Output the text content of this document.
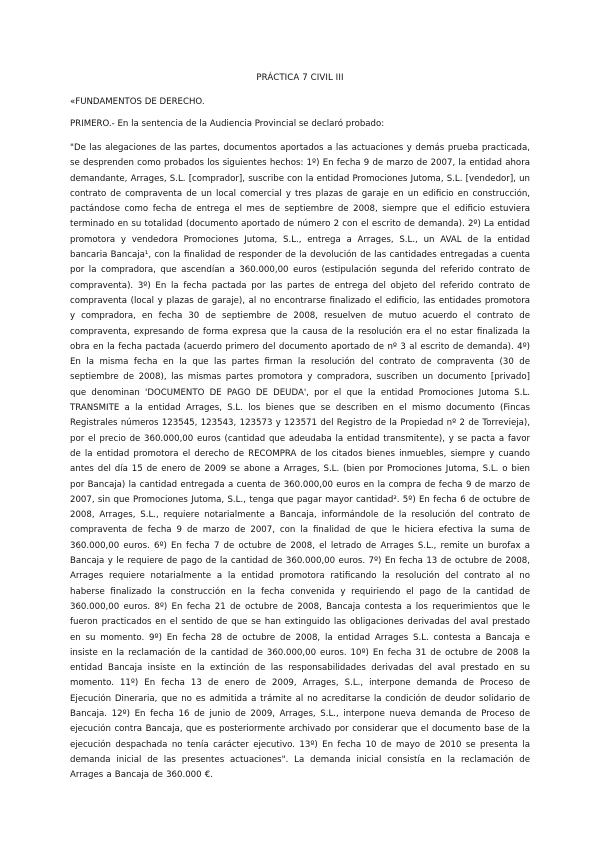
PRÁCTICA 7 CIVIL III

«FUNDAMENTOS DE DERECHO.

PRIMERO.- En la sentencia de la Audiencia Provincial se declaró probado:

"De las alegaciones de las partes, documentos aportados a las actuaciones y demás prueba practicada, se desprenden como probados los siguientes hechos: 1º) En fecha 9 de marzo de 2007, la entidad ahora demandante, Arrages, S.L. [comprador], suscribe con la entidad Promociones Jutoma, S.L. [vendedor], un contrato de compraventa de un local comercial y tres plazas de garaje en un edificio en construcción, pactándose como fecha de entrega el mes de septiembre de 2008, siempre que el edificio estuviera terminado en su totalidad (documento aportado de número 2 con el escrito de demanda). 2º) La entidad promotora y vendedora Promociones Jutoma, S.L., entrega a Arrages, S.L., un AVAL de la entidad bancaria Bancaja¹, con la finalidad de responder de la devolución de las cantidades entregadas a cuenta por la compradora, que ascendían a 360.000,00 euros (estipulación segunda del referido contrato de compraventa). 3º) En la fecha pactada por las partes de entrega del objeto del referido contrato de compraventa (local y plazas de garaje), al no encontrarse finalizado el edificio, las entidades promotora y compradora, en fecha 30 de septiembre de 2008, resuelven de mutuo acuerdo el contrato de compraventa, expresando de forma expresa que la causa de la resolución era el no estar finalizada la obra en la fecha pactada (acuerdo primero del documento aportado de nº 3 al escrito de demanda). 4º) En la misma fecha en la que las partes firman la resolución del contrato de compraventa (30 de septiembre de 2008), las mismas partes promotora y compradora, suscriben un documento [privado] que denominan 'DOCUMENTO DE PAGO DE DEUDA', por el que la entidad Promociones Jutoma S.L. TRANSMITE a la entidad Arrages, S.L. los bienes que se describen en el mismo documento (Fincas Registrales números 123545, 123543, 123573 y 123571 del Registro de la Propiedad nº 2 de Torrevieja), por el precio de 360.000,00 euros (cantidad que adeudaba la entidad transmitente), y se pacta a favor de la entidad promotora el derecho de RECOMPRA de los citados bienes inmuebles, siempre y cuando antes del día 15 de enero de 2009 se abone a Arrages, S.L. (bien por Promociones Jutoma, S.L. o bien por Bancaja) la cantidad entregada a cuenta de 360.000,00 euros en la compra de fecha 9 de marzo de 2007, sin que Promociones Jutoma, S.L., tenga que pagar mayor cantidad². 5º) En fecha 6 de octubre de 2008, Arrages, S.L., requiere notarialmente a Bancaja, informándole de la resolución del contrato de compraventa de fecha 9 de marzo de 2007, con la finalidad de que le hiciera efectiva la suma de 360.000,00 euros. 6º) En fecha 7 de octubre de 2008, el letrado de Arrages S.L., remite un burofax a Bancaja y le requiere de pago de la cantidad de 360.000,00 euros. 7º) En fecha 13 de octubre de 2008, Arrages requiere notarialmente a la entidad promotora ratificando la resolución del contrato al no haberse finalizado la construcción en la fecha convenida y requiriendo el pago de la cantidad de 360.000,00 euros. 8º) En fecha 21 de octubre de 2008, Bancaja contesta a los requerimientos que le fueron practicados en el sentido de que se han extinguido las obligaciones derivadas del aval prestado en su momento. 9º) En fecha 28 de octubre de 2008, la entidad Arrages S.L. contesta a Bancaja e insiste en la reclamación de la cantidad de 360.000,00 euros. 10º) En fecha 31 de octubre de 2008 la entidad Bancaja insiste en la extinción de las responsabilidades derivadas del aval prestado en su momento. 11º) En fecha 13 de enero de 2009, Arrages, S.L., interpone demanda de Proceso de Ejecución Dineraria, que no es admitida a trámite al no acreditarse la condición de deudor solidario de Bancaja. 12º) En fecha 16 de junio de 2009, Arrages, S.L., interpone nueva demanda de Proceso de ejecución contra Bancaja, que es posteriormente archivado por considerar que el documento base de la ejecución despachada no tenía carácter ejecutivo. 13º) En fecha 10 de mayo de 2010 se presenta la demanda inicial de las presentes actuaciones". La demanda inicial consistía en la reclamación de Arrages a Bancaja de 360.000 €.
